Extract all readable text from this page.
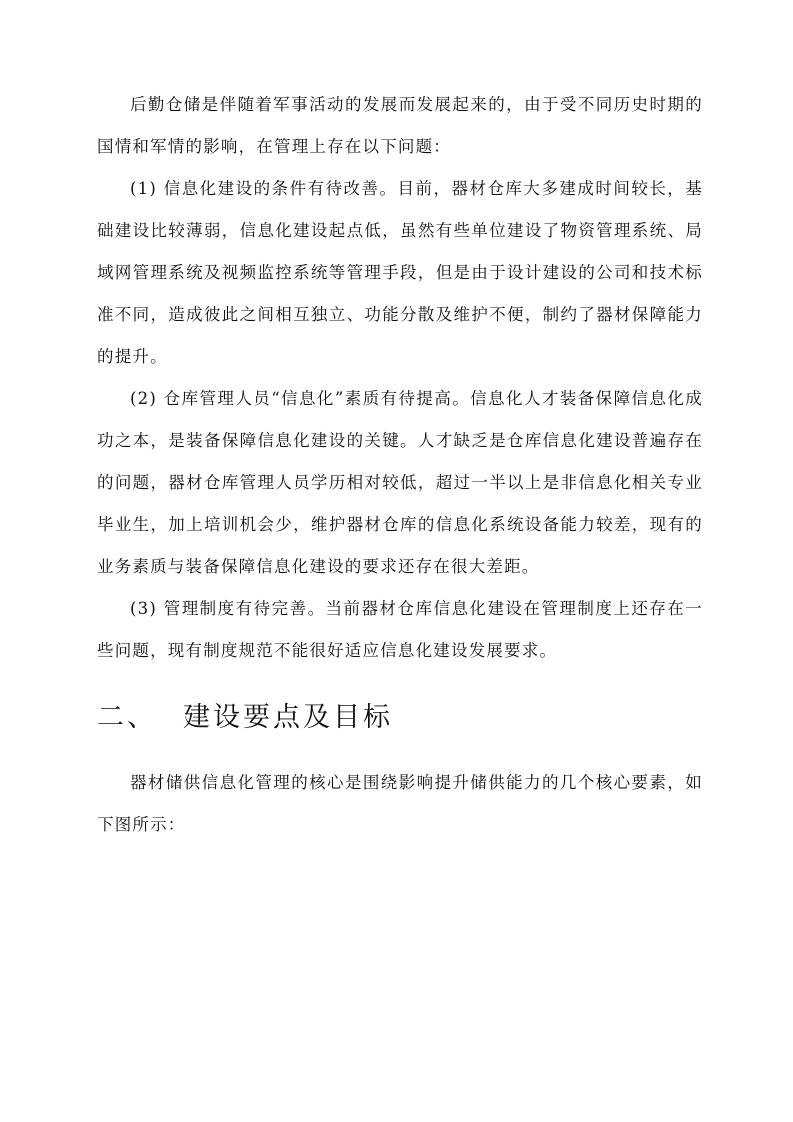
后勤仓储是伴随着军事活动的发展而发展起来的，由于受不同历史时期的国情和军情的影响，在管理上存在以下问题：

(1) 信息化建设的条件有待改善。目前，器材仓库大多建成时间较长，基础建设比较薄弱，信息化建设起点低，虽然有些单位建设了物资管理系统、局域网管理系统及视频监控系统等管理手段，但是由于设计建设的公司和技术标准不同，造成彼此之间相互独立、功能分散及维护不便，制约了器材保障能力的提升。

(2) 仓库管理人员“信息化”素质有待提高。信息化人才装备保障信息化成功之本，是装备保障信息化建设的关键。人才缺乏是仓库信息化建设普遍存在的问题，器材仓库管理人员学历相对较低，超过一半以上是非信息化相关专业毕业生，加上培训机会少，维护器材仓库的信息化系统设备能力较差，现有的业务素质与装备保障信息化建设的要求还存在很大差距。

(3) 管理制度有待完善。当前器材仓库信息化建设在管理制度上还存在一些问题，现有制度规范不能很好适应信息化建设发展要求。

二、 建设要点及目标

器材储供信息化管理的核心是围绕影响提升储供能力的几个核心要素，如下图所示：
